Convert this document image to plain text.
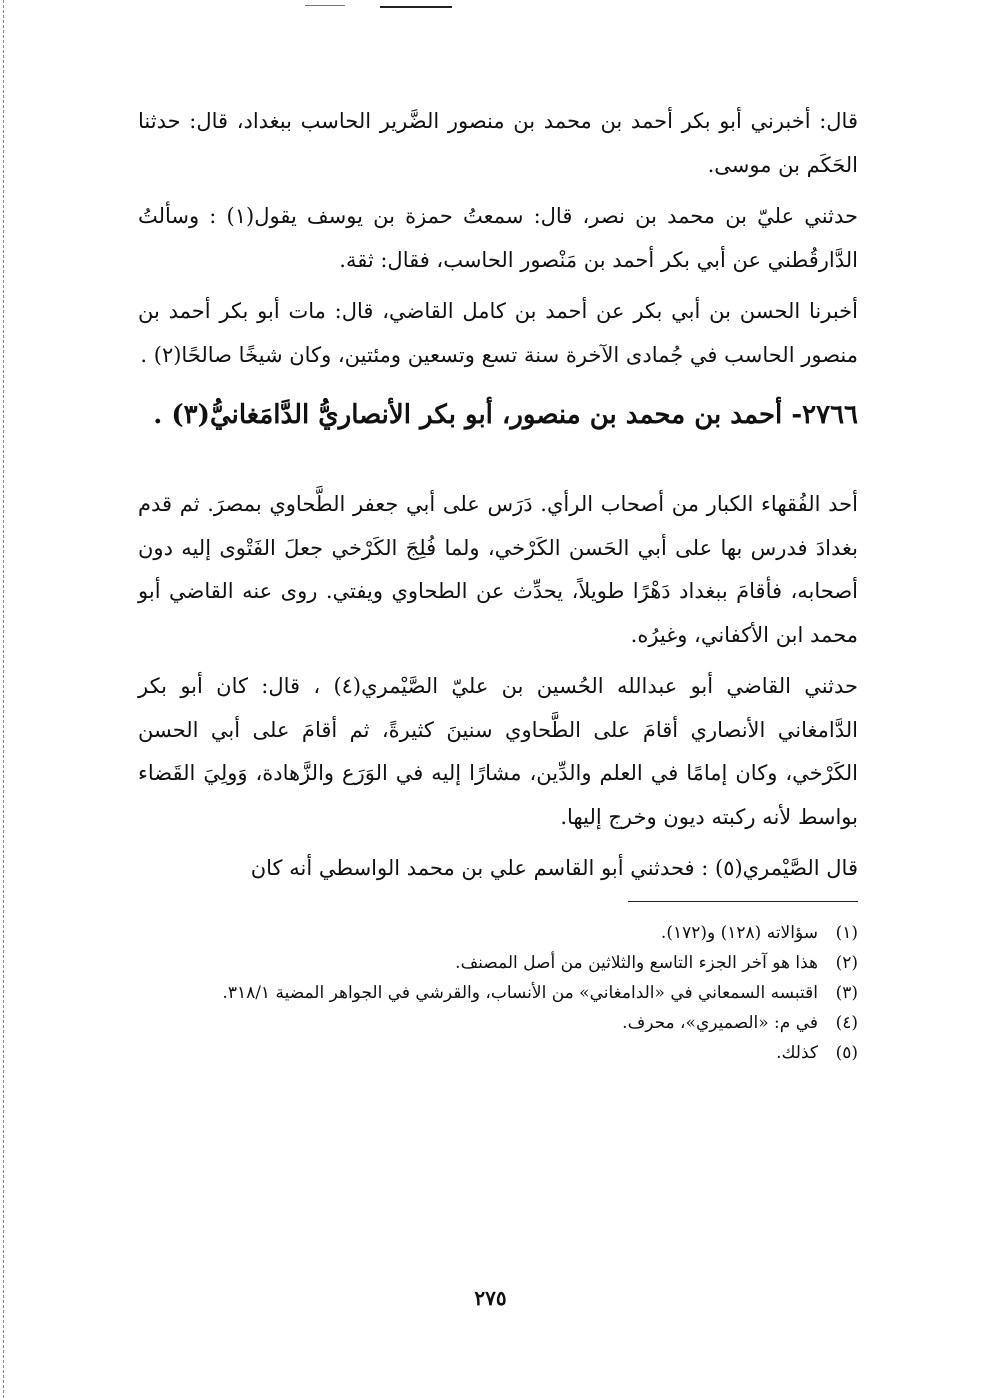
قال: أخبرني أبو بكر أحمد بن محمد بن منصور الضَّرير الحاسب ببغداد، قال: حدثنا الحَكَم بن موسى.

حدثني عليّ بن محمد بن نصر، قال: سمعتُ حمزة بن يوسف يقول(١) : وسألتُ الدَّارقُطني عن أبي بكر أحمد بن مَنْصور الحاسب، فقال: ثقة.

أخبرنا الحسن بن أبي بكر عن أحمد بن كامل القاضي، قال: مات أبو بكر أحمد بن منصور الحاسب في جُمادى الآخرة سنة تسع وتسعين ومئتين، وكان شيخًا صالحًا(٢) .

٢٧٦٦- أحمد بن محمد بن منصور، أبو بكر الأنصاريُّ الدَّامَغانيُّ(٣) .

أحد الفُقهاء الكبار من أصحاب الرأي. دَرَس على أبي جعفر الطَّحاوي بمصرَ. ثم قدم بغدادَ فدرس بها على أبي الحَسن الكَرْخي، ولما فُلِجَ الكَرْخي جعلَ الفَتْوى إليه دون أصحابه، فأقامَ ببغداد دَهْرًا طويلاً، يحدِّث عن الطحاوي ويفتي. روى عنه القاضي أبو محمد ابن الأكفاني، وغيرُه.

حدثني القاضي أبو عبدالله الحُسين بن عليّ الصَّيْمري(٤) ، قال: كان أبو بكر الدَّامغاني الأنصاري أقامَ على الطَّحاوي سنينَ كثيرةً، ثم أقامَ على أبي الحسن الكَرْخي، وكان إمامًا في العلم والدِّين، مشارًا إليه في الوَرَع والزَّهادة، وَولِيَ القَضاء بواسط لأنه ركبته ديون وخرج إليها.

قال الصَّيْمري(٥) : فحدثني أبو القاسم علي بن محمد الواسطي أنه كان

(١)
سؤالاته (١٢٨) و(١٧٢).
(٢)
هذا هو آخر الجزء التاسع والثلاثين من أصل المصنف.
(٣)
اقتبسه السمعاني في «الدامغاني» من الأنساب، والقرشي في الجواهر المضية ٣١٨/١.
(٤)
في م: «الصميري»، محرف.
(٥)
كذلك.
٢٧٥
